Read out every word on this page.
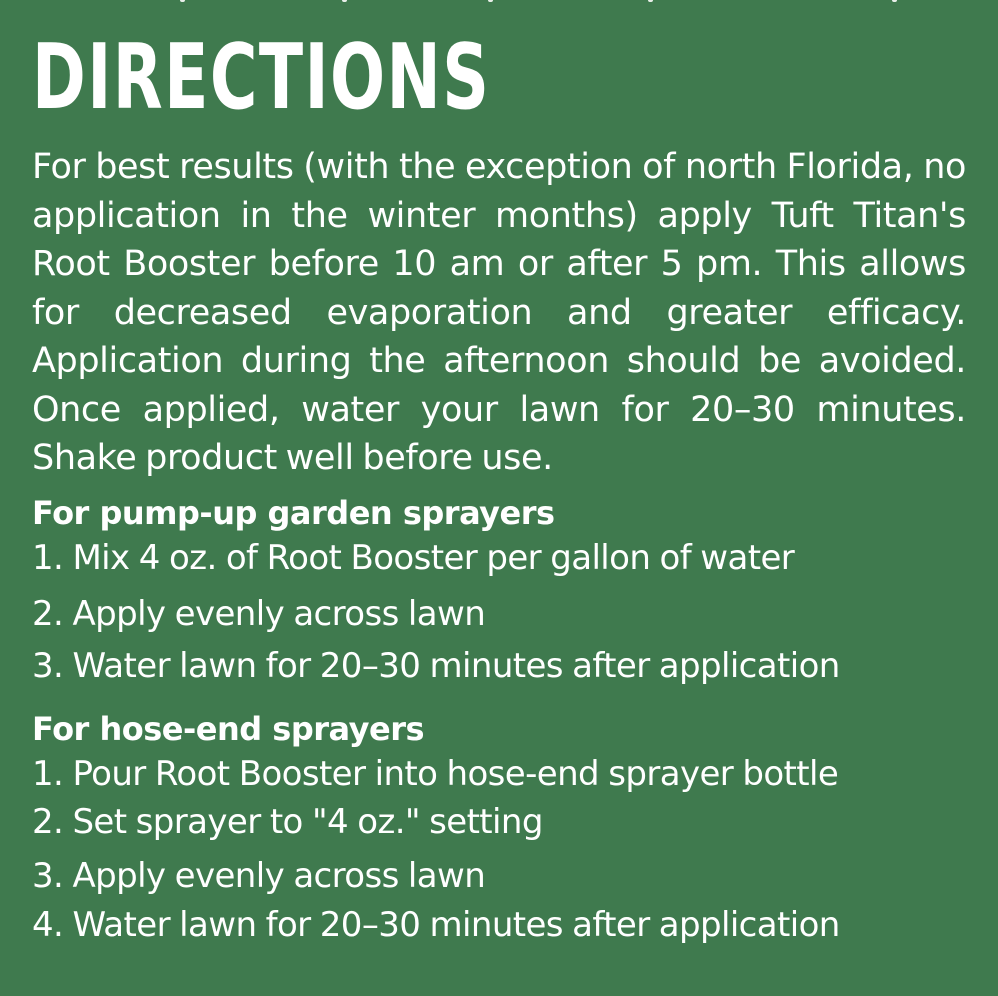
DIRECTIONS

For best results (with the exception of north Florida, no application in the winter months) apply Tuft Titan's Root Booster before 10 am or after 5 pm. This allows for decreased evaporation and greater efficacy. Application during the afternoon should be avoided. Once applied, water your lawn for 20–30 minutes. Shake product well before use.

For pump-up garden sprayers
1. Mix 4 oz. of Root Booster per gallon of water
2. Apply evenly across lawn
3. Water lawn for 20–30 minutes after application
For hose-end sprayers
1. Pour Root Booster into hose-end sprayer bottle
2. Set sprayer to "4 oz." setting
3. Apply evenly across lawn
4. Water lawn for 20–30 minutes after application
